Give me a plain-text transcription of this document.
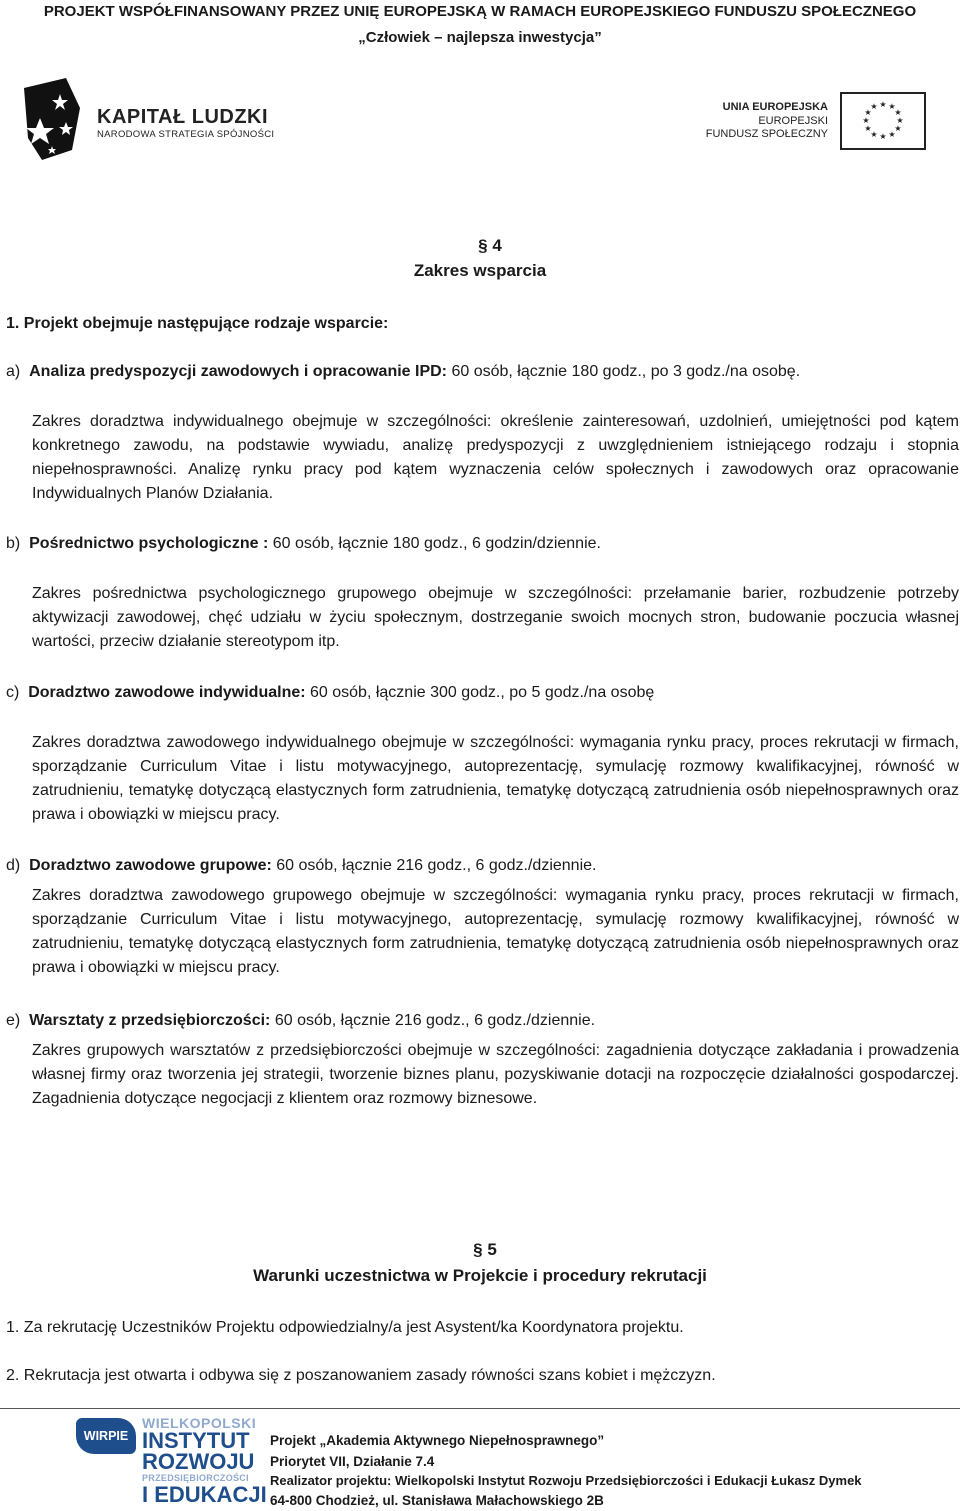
PROJEKT WSPÓŁFINANSOWANY PRZEZ UNIĘ EUROPEJSKĄ W RAMACH EUROPEJSKIEGO FUNDUSZU SPOŁECZNEGO
„Człowiek – najlepsza inwestycja”
KAPITAŁ LUDZKI
NARODOWA STRATEGIA SPÓJNOŚCI
UNIA EUROPEJSKA
EUROPEJSKI
FUNDUSZ SPOŁECZNY
★ ★
★
★
★
★
★
★
★
★
★
★
§ 4
Zakres wsparcia
1. Projekt obejmuje następujące rodzaje wsparcie:
a) Analiza predyspozycji zawodowych i opracowanie IPD: 60 osób, łącznie 180 godz., po 3 godz./na osobę.
Zakres doradztwa indywidualnego obejmuje w szczególności: określenie zainteresowań, uzdolnień, umiejętności pod kątem konkretnego zawodu, na podstawie wywiadu, analizę predyspozycji z uwzględnieniem istniejącego rodzaju i stopnia niepełnosprawności. Analizę rynku pracy pod kątem wyznaczenia celów społecznych i zawodowych oraz opracowanie Indywidualnych Planów Działania.
b) Pośrednictwo psychologiczne : 60 osób, łącznie 180 godz., 6 godzin/dziennie.
Zakres pośrednictwa psychologicznego grupowego obejmuje w szczególności: przełamanie barier, rozbudzenie potrzeby aktywizacji zawodowej, chęć udziału w życiu społecznym, dostrzeganie swoich mocnych stron, budowanie poczucia własnej wartości, przeciw działanie stereotypom itp.
c) Doradztwo zawodowe indywidualne: 60 osób, łącznie 300 godz., po 5 godz./na osobę
Zakres doradztwa zawodowego indywidualnego obejmuje w szczególności: wymagania rynku pracy, proces rekrutacji w firmach, sporządzanie Curriculum Vitae i listu motywacyjnego, autoprezentację, symulację rozmowy kwalifikacyjnej, równość w zatrudnieniu, tematykę dotyczącą elastycznych form zatrudnienia, tematykę dotyczącą zatrudnienia osób niepełnosprawnych oraz prawa i obowiązki w miejscu pracy.
d) Doradztwo zawodowe grupowe: 60 osób, łącznie 216 godz., 6 godz./dziennie.
Zakres doradztwa zawodowego grupowego obejmuje w szczególności: wymagania rynku pracy, proces rekrutacji w firmach, sporządzanie Curriculum Vitae i listu motywacyjnego, autoprezentację, symulację rozmowy kwalifikacyjnej, równość w zatrudnieniu, tematykę dotyczącą elastycznych form zatrudnienia, tematykę dotyczącą zatrudnienia osób niepełnosprawnych oraz prawa i obowiązki w miejscu pracy.
e) Warsztaty z przedsiębiorczości: 60 osób, łącznie 216 godz., 6 godz./dziennie.
Zakres grupowych warsztatów z przedsiębiorczości obejmuje w szczególności: zagadnienia dotyczące zakładania i prowadzenia własnej firmy oraz tworzenia jej strategii, tworzenie biznes planu, pozyskiwanie dotacji na rozpoczęcie działalności gospodarczej. Zagadnienia dotyczące negocjacji z klientem oraz rozmowy biznesowe.
§ 5
Warunki uczestnictwa w Projekcie i procedury rekrutacji
1. Za rekrutację Uczestników Projektu odpowiedzialny/a jest Asystent/ka Koordynatora projektu.
2. Rekrutacja jest otwarta i odbywa się z poszanowaniem zasady równości szans kobiet i mężczyzn.
WIRPIE
WIELKOPOLSKI
INSTYTUT
ROZWOJU
PRZEDSIĘBIORCZOŚCI
I EDUKACJI
Projekt „Akademia Aktywnego Niepełnosprawnego”
Priorytet VII, Działanie 7.4
Realizator projektu: Wielkopolski Instytut Rozwoju Przedsiębiorczości i Edukacji Łukasz Dymek
64-800 Chodzież, ul. Stanisława Małachowskiego 2B
